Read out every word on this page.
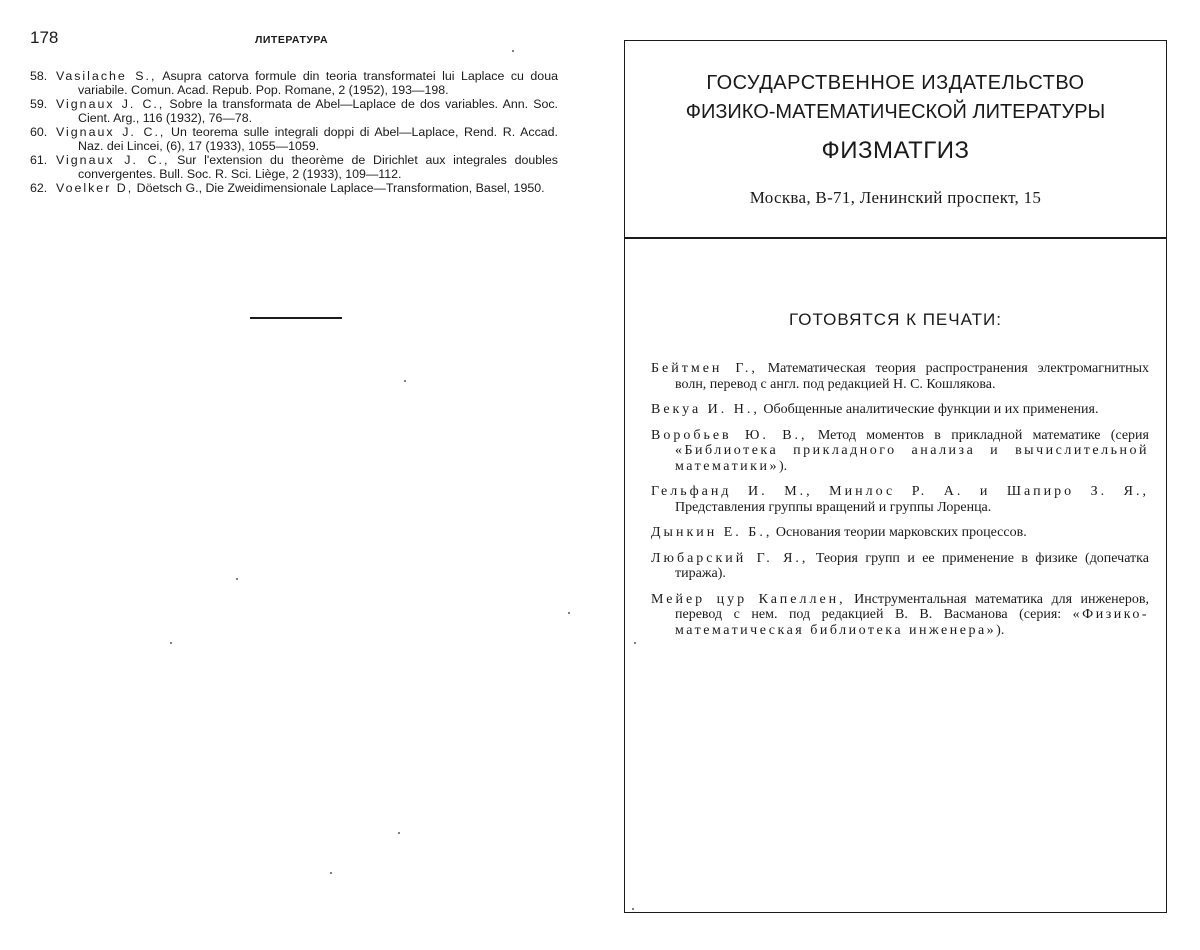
178	ЛИТЕРАТУРА

58. Vasilache S., Asupra catorva formule din teoria transformatei lui Laplace cu doua variabile. Comun. Acad. Repub. Pop. Romane, 2 (1952), 193—198.

59. Vignaux J. C., Sobre la transformata de Abel—Laplace de dos variables. Ann. Soc. Cient. Arg., 116 (1932), 76—78.

60. Vignaux J. C., Un teorema sulle integrali doppi di Abel—Laplace, Rend. R. Accad. Naz. dei Lincei, (6), 17 (1933), 1055—1059.

61. Vignaux J. C., Sur l'extension du theorème de Dirichlet aux integrales doubles convergentes. Bull. Soc. R. Sci. Liège, 2 (1933), 109—112.

62. Voelker D, Döetsch G., Die Zweidimensionale Laplace—Transformation, Basel, 1950.

ГОСУДАРСТВЕННОЕ ИЗДАТЕЛЬСТВО
ФИЗИКО-МАТЕМАТИЧЕСКОЙ ЛИТЕРАТУРЫ
ФИЗМАТГИЗ
Москва, В-71, Ленинский проспект, 15
ГОТОВЯТСЯ К ПЕЧАТИ:

Бейтмен Г., Математическая теория распространения электромагнитных волн, перевод с англ. под редакцией Н. С. Кошлякова.

Векуа И. Н., Обобщенные аналитические функции и их применения.

Воробьев Ю. В., Метод моментов в прикладной математике (серия «Библиотека прикладного анализа и вычислительной математики»).

Гельфанд И. М., Минлос Р. А. и Шапиро З. Я., Представления группы вращений и группы Лоренца.

Дынкин Е. Б., Основания теории марковских процессов.

Любарский Г. Я., Теория групп и ее применение в физике (допечатка тиража).

Мейер цур Капеллен, Инструментальная математика для инженеров, перевод с нем. под редакцией В. В. Васманова (серия: «Физико-математическая библиотека инженера»).
